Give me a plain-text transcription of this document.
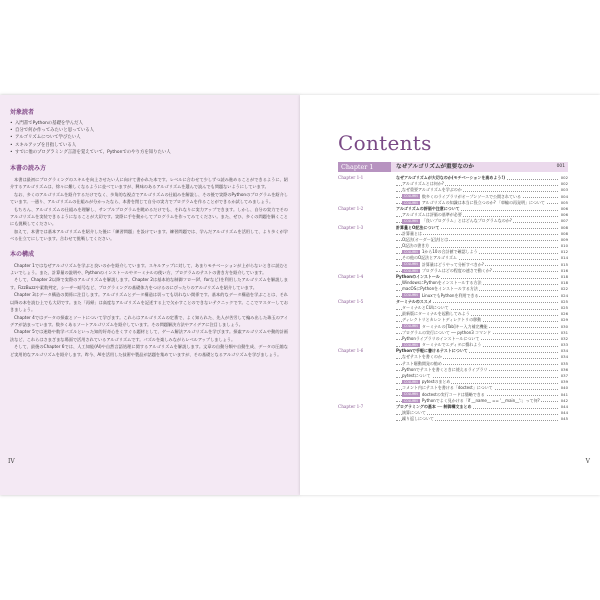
対象読者
• 入門書でPythonの基礎を学んだ人
• 自分で何か作ってみたいと思っている人
• アルゴリズムについて学びたい人
• スキルアップを目指している人
• すでに他のプログラミング言語を覚えていて、Pythonでのやり方を知りたい人
本書の読み方

本書は最初にプログラミングのスキルを向上させたい人に向けて書かれた本です。レベルに合わせて少しずつ読み進めることができるように、紹介するアルゴリズムは、徐々に難しくなるように並べていますが、興味のあるアルゴリズムを選んで読んでも問題ないようにしています。

なお、多くのアルゴリズムを紹介するだけでなく、多角的な視点でアルゴリズムの仕組みを解説し、その後で実際のPythonのプログラムを紹介しています。一通り、アルゴリズムの仕組みが分かったなら、本書を閉じて自分の実力でプログラムを作ることができるか試してみましょう。

もちろん、アルゴリズムの仕組みを理解し、サンプルプログラムを眺めるだけでも、それなりに実力アップできます。しかし、自分の実力でそのアルゴリズムを実装できるようになることが大切です。実際に手を動かしてプログラムを作ってみてください。また、ぜひ、多くの問題を解くことにも挑戦してください。

加えて、本書では基本アルゴリズムを紹介した後に「練習問題」を設けています。練習問題では、学んだアルゴリズムを活用して、より多くが学べる仕立てにしています。合わせて挑戦してください。

本の構成

Chapter 1ではなぜアルゴリズムを学ぶと良いのかを紹介しています。スキルアップに対して、あまりモチベーションが上がらないときに読むとよいでしょう。また、計算量の説明や、Pythonのインストールやターミナルの使い方、プログラムのテストの書き方を紹介しています。

そして、Chapter 2以降で実際のアルゴリズムを解説します。Chapter 2は基本的な制御フロー(if、forなど)を利用したアルゴリズムを解説します。FizzBuzzや素数判定、シーザー暗号など、プログラミングの基礎体力をつけるのにぴったりのアルゴリズムを紹介しています。

Chapter 3はデータ構造の関係に注目します。アルゴリズムとデータ構造は切っても切れない関係です。基本的なデータ構造を学ぶことは、それ以降の本を読む上でも大切です。また「再帰」は高度なアルゴリズムを記述する上で欠かすことのできないテクニックです。ここでマスターしておきましょう。

Chapter 4ではデータの探索とソートについて学びます。これらはアルゴリズムの定番で、よく知られた、先人が苦労して編み出した珠玉のアイデアが詰まっています。数多くあるソートアルゴリズムを紹介しています。その問題解決方法やアイデアに注目しましょう。

Chapter 5では迷路や数学パズルといった知的好奇心をくすぐる題材として、ゲーム解法アルゴリズムを学びます。探索アルゴリズムや動的計画法など、これらはさまざまな場面で活用されているアルゴリズムです。パズルを楽しみながらレベルアップしましょう。

そして、最後のChapter 6では、人工知能(AI)や自然言語処理に関するアルゴリズムを解説します。文章の自動分類や自動生成、データの圧縮など実用的なアルゴリズムを紹介します。昨今、AIを活用した技術や製品が話題を集めていますが、その基礎となるアルゴリズムを学びましょう。

IV
Contents
Chapter 1	なぜアルゴリズムが重要なのか	001
Chapter 1-1	なぜアルゴリズムが大切なのか(モチベーションを高めよう!)	002
アルゴリズムとは何か?	002
なぜ重要アルゴリズムを学ぶのか	003
COLUMN 数多くのライブラリがオープンソースで公開されている	004
COLUMN アルゴリズムの知識は本当に役立つのか? 「車輪の再発明」について	005
Chapter 1-2	アルゴリズムの評価や注意について	006
アルゴリズムは評価の基準が必要	006
COLUMN 「良いプログラム」とはどんなプログラムなのか?	007
Chapter 1-3	計算量とO記法について	008
計算量とは	008
O記法(オーダー記法)とは	009
O記法の書き方	010
COLUMN 1から10の合計値で確認しよう	012
その他のO記法とアルゴリズム	014
COLUMN 計算量はどうやって分析すべきか?	015
COLUMN プログラムはどの程度の速さで動くか?	016
Chapter 1-4	Pythonのインストール	018
WindowsにPythonをインストールする方法	018
macOSにPythonをインストールする方法	022
COLUMN LinuxでもPythonを利用できる	024
Chapter 1-5	ターミナルのススメ	025
ターミナルとCUIについて	025
最新版にターミナルを起動してみよう	026
ディレクトリとカレントディレクトリの移動	029
COLUMN ターミナルの[Tab]キー入力補完機能	030
プログラムの実行について ── python3 コマンド	031
Pythonライブラリのインストールについて	032
COLUMN ターミナルでエディタに慣れよう	033
Chapter 1-6	Pythonで手軽に書けるテストについて	034
なぜテストを書くのか	034
テスト駆動開発の勧め	035
Pythonでテストを書くときに使えるライブラリ	036
pytestについて	037
COLUMN pytestのまとめ	039
コメント内にテストを書ける「doctest」について	040
COLUMN doctestの実行コードは簡略できる	041
COLUMN Pythonでよく見かける「if __name__ == '__main__':」って何?	042
Chapter 1-7	プログラミングの基本 ── 制御構文まとめ	044
演算について	044
繰り返しについて	045
V
